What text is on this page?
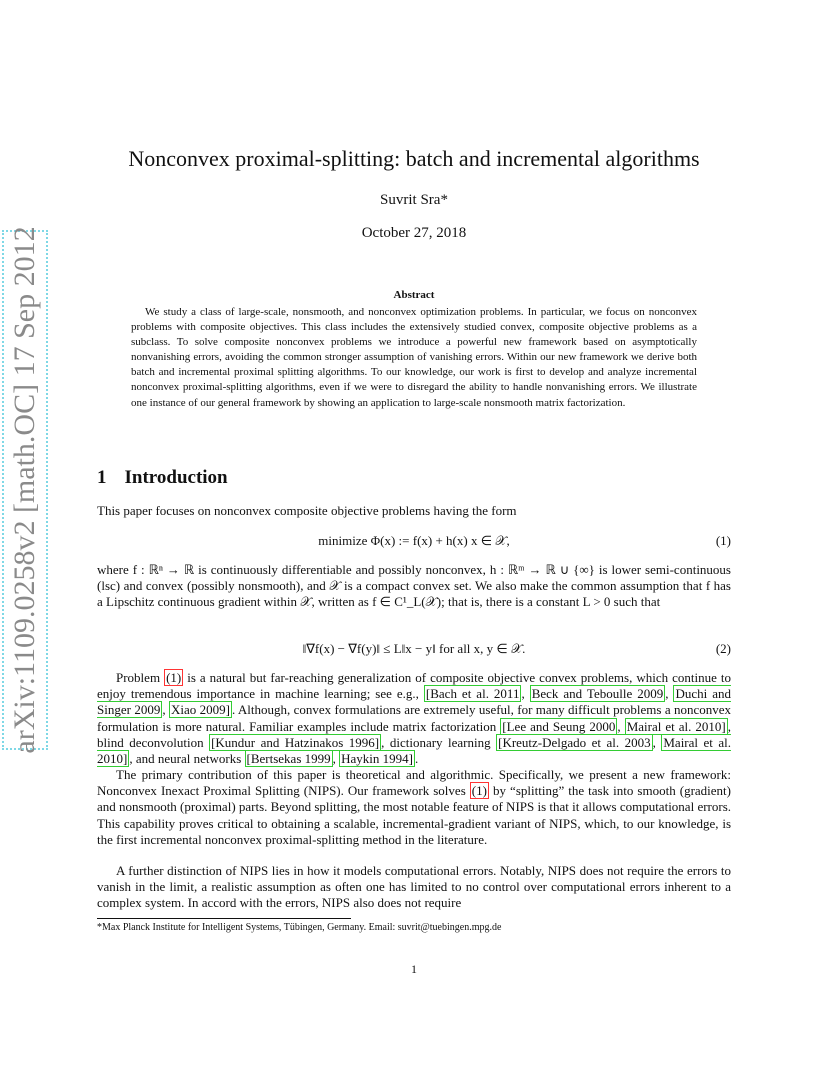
arXiv:1109.0258v2 [math.OC] 17 Sep 2012
Nonconvex proximal-splitting: batch and incremental algorithms
Suvrit Sra*
October 27, 2018
Abstract
We study a class of large-scale, nonsmooth, and nonconvex optimization problems. In particular, we focus on nonconvex problems with composite objectives. This class includes the extensively studied convex, composite objective problems as a subclass. To solve composite nonconvex problems we introduce a powerful new framework based on asymptotically nonvanishing errors, avoiding the common stronger assumption of vanishing errors. Within our new framework we derive both batch and incremental proximal splitting algorithms. To our knowledge, our work is first to develop and analyze incremental nonconvex proximal-splitting algorithms, even if we were to disregard the ability to handle nonvanishing errors. We illustrate one instance of our general framework by showing an application to large-scale nonsmooth matrix factorization.
1 Introduction
This paper focuses on nonconvex composite objective problems having the form
minimize Φ(x) := f(x) + h(x) x ∈ 𝒳,	(1)
where f : ℝⁿ → ℝ is continuously differentiable and possibly nonconvex, h : ℝᵐ → ℝ ∪ {∞} is lower semi-continuous (lsc) and convex (possibly nonsmooth), and 𝒳 is a compact convex set. We also make the common assumption that f has a Lipschitz continuous gradient within 𝒳, written as f ∈ C¹_L(𝒳); that is, there is a constant L > 0 such that
‖∇f(x) − ∇f(y)‖ ≤ L‖x − y‖ for all x, y ∈ 𝒳.	(2)
Problem (1) is a natural but far-reaching generalization of composite objective convex problems, which continue to enjoy tremendous importance in machine learning; see e.g., [Bach et al. 2011 , Beck and Teboulle 2009 , Duchi and Singer 2009 , Xiao 2009] . Although, convex formulations are extremely useful, for many difficult problems a nonconvex formulation is more natural. Familiar examples include matrix factorization [Lee and Seung 2000 , Mairal et al. 2010] , blind deconvolution [Kundur and Hatzinakos 1996] , dictionary learning [Kreutz-Delgado et al. 2003 , Mairal et al. 2010] , and neural networks [Bertsekas 1999 , Haykin 1994] .
The primary contribution of this paper is theoretical and algorithmic. Specifically, we present a new framework: Nonconvex Inexact Proximal Splitting (NIPS). Our framework solves (1) by “splitting” the task into smooth (gradient) and nonsmooth (proximal) parts. Beyond splitting, the most notable feature of NIPS is that it allows computational errors. This capability proves critical to obtaining a scalable, incremental-gradient variant of NIPS, which, to our knowledge, is the first incremental nonconvex proximal-splitting method in the literature.
A further distinction of NIPS lies in how it models computational errors. Notably, NIPS does not require the errors to vanish in the limit, a realistic assumption as often one has limited to no control over computational errors inherent to a complex system. In accord with the errors, NIPS also does not require
*Max Planck Institute for Intelligent Systems, Tübingen, Germany. Email: suvrit@tuebingen.mpg.de
1
